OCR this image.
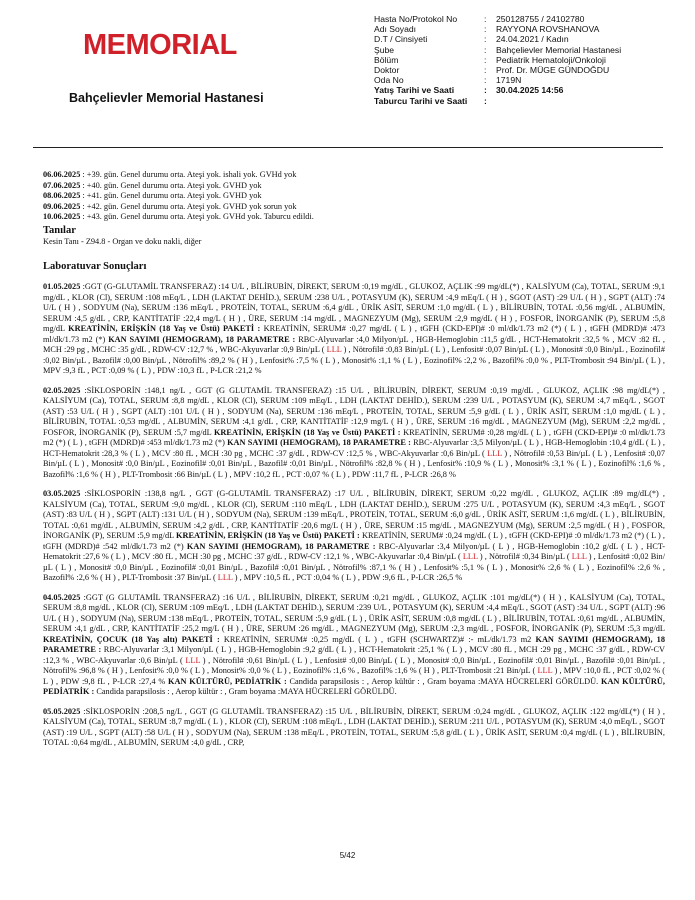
MEMORIAL
Bahçelievler Memorial Hastanesi
Hasta No/Protokol No	:	250128755 / 24102780
Adı Soyadı	:	RAYYONA ROVSHANOVA
D.T / Cinsiyeti	:	24.04.2021 / Kadın
Şube	:	Bahçelievler Memorial Hastanesi
Bölüm	:	Pediatrik Hematoloji/Onkoloji
Doktor	:	Prof. Dr. MÜGE GÜNDOĞDU
Oda No	:	1719N
Yatış Tarihi ve Saati	:	30.04.2025 14:56
Taburcu Tarihi ve Saati	:
06.06.2025 : +39. gün. Genel durumu orta. Ateşi yok. ishali yok. GVHd yok
07.06.2025 : +40. gün. Genel durumu orta. Ateşi yok. GVHD yok
08.06.2025 : +41. gün. Genel durumu orta. Ateşi yok. GVHD yok
09.06.2025 : +42. gün. Genel durumu orta. Ateşi yok. GVHD yok sorun yok
10.06.2025 : +43. gün. Genel durumu orta. Ateşi yok. GVHd yok. Taburcu edildi.
Tanılar
Kesin Tanı - Z94.8 - Organ ve doku nakli, diğer
Laboratuvar Sonuçları
01.05.2025 :GGT (G-GLUTAMİL TRANSFERAZ) :14 U/L , BİLİRUBİN, DİREKT, SERUM :0,19 mg/dL , GLUKOZ, AÇLIK :99 mg/dL(*) , KALSİYUM (Ca), TOTAL, SERUM :9,1 mg/dL , KLOR (Cl), SERUM :108 mEq/L , LDH (LAKTAT DEHİD.), SERUM :238 U/L , POTASYUM (K), SERUM :4,9 mEq/L ( H ) , SGOT (AST) :29 U/L ( H ) , SGPT (ALT) :74 U/L ( H ) , SODYUM (Na), SERUM :136 mEq/L , PROTEİN, TOTAL, SERUM :6,4 g/dL , ÜRİK ASİT, SERUM :1,0 mg/dL ( L ) , BİLİRUBİN, TOTAL :0,56 mg/dL , ALBUMİN, SERUM :4,5 g/dL , CRP, KANTİTATİF :22,4 mg/L ( H ) , ÜRE, SERUM :14 mg/dL , MAGNEZYUM (Mg), SERUM :2,9 mg/dL ( H ) , FOSFOR, İNORGANİK (P), SERUM :5,8 mg/dL KREATİNİN, ERİŞKİN (18 Yaş ve Üstü) PAKETİ : KREATİNİN, SERUM# :0,27 mg/dL ( L ) , tGFH (CKD-EPI)# :0 ml/dk/1.73 m2 (*) ( L ) , tGFH (MDRD)# :473 ml/dk/1.73 m2 (*) KAN SAYIMI (HEMOGRAM), 18 PARAMETRE : RBC-Alyuvarlar :4,0 Milyon/µL , HGB-Hemoglobin :11,5 g/dL , HCT-Hematokrit :32,5 % , MCV :82 fL , MCH :29 pg , MCHC :35 g/dL , RDW-CV :12,7 % , WBC-Akyuvarlar :0,9 Bin/µL ( LLL ) , Nötrofil# :0,83 Bin/µL ( L ) , Lenfosit# :0,07 Bin/µL ( L ) , Monosit# :0,0 Bin/µL , Eozinofil# :0,02 Bin/µL , Bazofil# :0,00 Bin/µL , Nötrofil% :89,2 % ( H ) , Lenfosit% :7,5 % ( L ) , Monosit% :1,1 % ( L ) , Eozinofil% :2,2 % , Bazofil% :0,0 % , PLT-Trombosit :94 Bin/µL ( L ) , MPV :9,3 fL , PCT :0,09 % ( L ) , PDW :10,3 fL , P-LCR :21,2 %
02.05.2025 :SİKLOSPORİN :148,1 ng/L , GGT (G GLUTAMİL TRANSFERAZ) :15 U/L , BİLİRUBİN, DİREKT, SERUM :0,19 mg/dL , GLUKOZ, AÇLIK :98 mg/dL(*) , KALSİYUM (Ca), TOTAL, SERUM :8,8 mg/dL , KLOR (Cl), SERUM :109 mEq/L , LDH (LAKTAT DEHİD.), SERUM :239 U/L , POTASYUM (K), SERUM :4,7 mEq/L , SGOT (AST) :53 U/L ( H ) , SGPT (ALT) :101 U/L ( H ) , SODYUM (Na), SERUM :136 mEq/L , PROTEİN, TOTAL, SERUM :5,9 g/dL ( L ) , ÜRİK ASİT, SERUM :1,0 mg/dL ( L ) , BİLİRUBİN, TOTAL :0,53 mg/dL , ALBUMİN, SERUM :4,1 g/dL , CRP, KANTİTATİF :12,9 mg/L ( H ) , ÜRE, SERUM :16 mg/dL , MAGNEZYUM (Mg), SERUM :2,2 mg/dL , FOSFOR, İNORGANİK (P), SERUM :5,7 mg/dL KREATİNİN, ERİŞKİN (18 Yaş ve Üstü) PAKETİ : KREATİNİN, SERUM# :0,28 mg/dL ( L ) , tGFH (CKD-EPI)# :0 ml/dk/1.73 m2 (*) ( L ) , tGFH (MDRD)# :453 ml/dk/1.73 m2 (*) KAN SAYIMI (HEMOGRAM), 18 PARAMETRE : RBC-Alyuvarlar :3,5 Milyon/µL ( L ) , HGB-Hemoglobin :10,4 g/dL ( L ) , HCT-Hematokrit :28,3 % ( L ) , MCV :80 fL , MCH :30 pg , MCHC :37 g/dL , RDW-CV :12,5 % , WBC-Akyuvarlar :0,6 Bin/µL ( LLL ) , Nötrofil# :0,53 Bin/µL ( L ) , Lenfosit# :0,07 Bin/µL ( L ) , Monosit# :0,0 Bin/µL , Eozinofil# :0,01 Bin/µL , Bazofil# :0,01 Bin/µL , Nötrofil% :82,8 % ( H ) , Lenfosit% :10,9 % ( L ) , Monosit% :3,1 % ( L ) , Eozinofil% :1,6 % , Bazofil% :1,6 % ( H ) , PLT-Trombosit :66 Bin/µL ( L ) , MPV :10,2 fL , PCT :0,07 % ( L ) , PDW :11,7 fL , P-LCR :26,8 %
03.05.2025 :SİKLOSPORİN :138,8 ng/L , GGT (G-GLUTAMİL TRANSFERAZ) :17 U/L , BİLİRUBİN, DİREKT, SERUM :0,22 mg/dL , GLUKOZ, AÇLIK :89 mg/dL(*) , KALSİYUM (Ca), TOTAL, SERUM :9,0 mg/dL , KLOR (Cl), SERUM :110 mEq/L , LDH (LAKTAT DEHİD.), SERUM :275 U/L , POTASYUM (K), SERUM :4,3 mEq/L , SGOT (AST) :83 U/L ( H ) , SGPT (ALT) :131 U/L ( H ) , SODYUM (Na), SERUM :139 mEq/L , PROTEİN, TOTAL, SERUM :6,0 g/dL , ÜRİK ASİT, SERUM :1,6 mg/dL ( L ) , BİLİRUBİN, TOTAL :0,61 mg/dL , ALBUMİN, SERUM :4,2 g/dL , CRP, KANTİTATİF :20,6 mg/L ( H ) , ÜRE, SERUM :15 mg/dL , MAGNEZYUM (Mg), SERUM :2,5 mg/dL ( H ) , FOSFOR, İNORGANİK (P), SERUM :5,9 mg/dL KREATİNİN, ERİŞKİN (18 Yaş ve Üstü) PAKETİ : KREATİNİN, SERUM# :0,24 mg/dL ( L ) , tGFH (CKD-EPI)# :0 ml/dk/1.73 m2 (*) ( L ) , tGFH (MDRD)# :542 ml/dk/1.73 m2 (*) KAN SAYIMI (HEMOGRAM), 18 PARAMETRE : RBC-Alyuvarlar :3,4 Milyon/µL ( L ) , HGB-Hemoglobin :10,2 g/dL ( L ) , HCT-Hematokrit :27,6 % ( L ) , MCV :80 fL , MCH :30 pg , MCHC :37 g/dL , RDW-CV :12,1 % , WBC-Akyuvarlar :0,4 Bin/µL ( LLL ) , Nötrofil# :0,34 Bin/µL ( LLL ) , Lenfosit# :0,02 Bin/µL ( L ) , Monosit# :0,0 Bin/µL , Eozinofil# :0,01 Bin/µL , Bazofil# :0,01 Bin/µL , Nötrofil% :87,1 % ( H ) , Lenfosit% :5,1 % ( L ) , Monosit% :2,6 % ( L ) , Eozinofil% :2,6 % , Bazofil% :2,6 % ( H ) , PLT-Trombosit :37 Bin/µL ( LLL ) , MPV :10,5 fL , PCT :0,04 % ( L ) , PDW :9,6 fL , P-LCR :26,5 %
04.05.2025 :GGT (G GLUTAMİL TRANSFERAZ) :16 U/L , BİLİRUBİN, DİREKT, SERUM :0,21 mg/dL , GLUKOZ, AÇLIK :101 mg/dL(*) ( H ) , KALSİYUM (Ca), TOTAL, SERUM :8,8 mg/dL , KLOR (Cl), SERUM :109 mEq/L , LDH (LAKTAT DEHİD.), SERUM :239 U/L , POTASYUM (K), SERUM :4,4 mEq/L , SGOT (AST) :34 U/L , SGPT (ALT) :96 U/L ( H ) , SODYUM (Na), SERUM :138 mEq/L , PROTEİN, TOTAL, SERUM :5,9 g/dL ( L ) , ÜRİK ASİT, SERUM :0,8 mg/dL ( L ) , BİLİRUBİN, TOTAL :0,61 mg/dL , ALBUMİN, SERUM :4,1 g/dL , CRP, KANTİTATİF :25,2 mg/L ( H ) , ÜRE, SERUM :26 mg/dL , MAGNEZYUM (Mg), SERUM :2,3 mg/dL , FOSFOR, İNORGANİK (P), SERUM :5,3 mg/dL KREATİNİN, ÇOCUK (18 Yaş altı) PAKETİ : KREATİNİN, SERUM# :0,25 mg/dL ( L ) , tGFH (SCHWARTZ)# :- mL/dk/1.73 m2 KAN SAYIMI (HEMOGRAM), 18 PARAMETRE : RBC-Alyuvarlar :3,1 Milyon/µL ( L ) , HGB-Hemoglobin :9,2 g/dL ( L ) , HCT-Hematokrit :25,1 % ( L ) , MCV :80 fL , MCH :29 pg , MCHC :37 g/dL , RDW-CV :12,3 % , WBC-Akyuvarlar :0,6 Bin/µL ( LLL ) , Nötrofil# :0,61 Bin/µL ( L ) , Lenfosit# :0,00 Bin/µL ( L ) , Monosit# :0,0 Bin/µL , Eozinofil# :0,01 Bin/µL , Bazofil# :0,01 Bin/µL , Nötrofil% :96,8 % ( H ) , Lenfosit% :0,0 % ( L ) , Monosit% :0,0 % ( L ) , Eozinofil% :1,6 % , Bazofil% :1,6 % ( H ) , PLT-Trombosit :21 Bin/µL ( LLL ) , MPV :10,0 fL , PCT :0,02 % ( L ) , PDW :9,8 fL , P-LCR :27,4 % KAN KÜLTÜRÜ, PEDİATRİK : Candida parapsilosis : , Aerop kültür : , Gram boyama :MAYA HÜCRELERİ GÖRÜLDÜ. KAN KÜLTÜRÜ, PEDİATRİK : Candida parapsilosis : , Aerop kültür : , Gram boyama :MAYA HÜCRELERİ GÖRÜLDÜ.
05.05.2025 :SİKLOSPORİN :208,5 ng/L , GGT (G GLUTAMİL TRANSFERAZ) :15 U/L , BİLİRUBİN, DİREKT, SERUM :0,24 mg/dL , GLUKOZ, AÇLIK :122 mg/dL(*) ( H ) , KALSİYUM (Ca), TOTAL, SERUM :8,7 mg/dL ( L ) , KLOR (Cl), SERUM :108 mEq/L , LDH (LAKTAT DEHİD.), SERUM :211 U/L , POTASYUM (K), SERUM :4,0 mEq/L , SGOT (AST) :19 U/L , SGPT (ALT) :58 U/L ( H ) , SODYUM (Na), SERUM :138 mEq/L , PROTEİN, TOTAL, SERUM :5,8 g/dL ( L ) , ÜRİK ASİT, SERUM :0,4 mg/dL ( L ) , BİLİRUBİN, TOTAL :0,64 mg/dL , ALBUMİN, SERUM :4,0 g/dL , CRP,
5/42
